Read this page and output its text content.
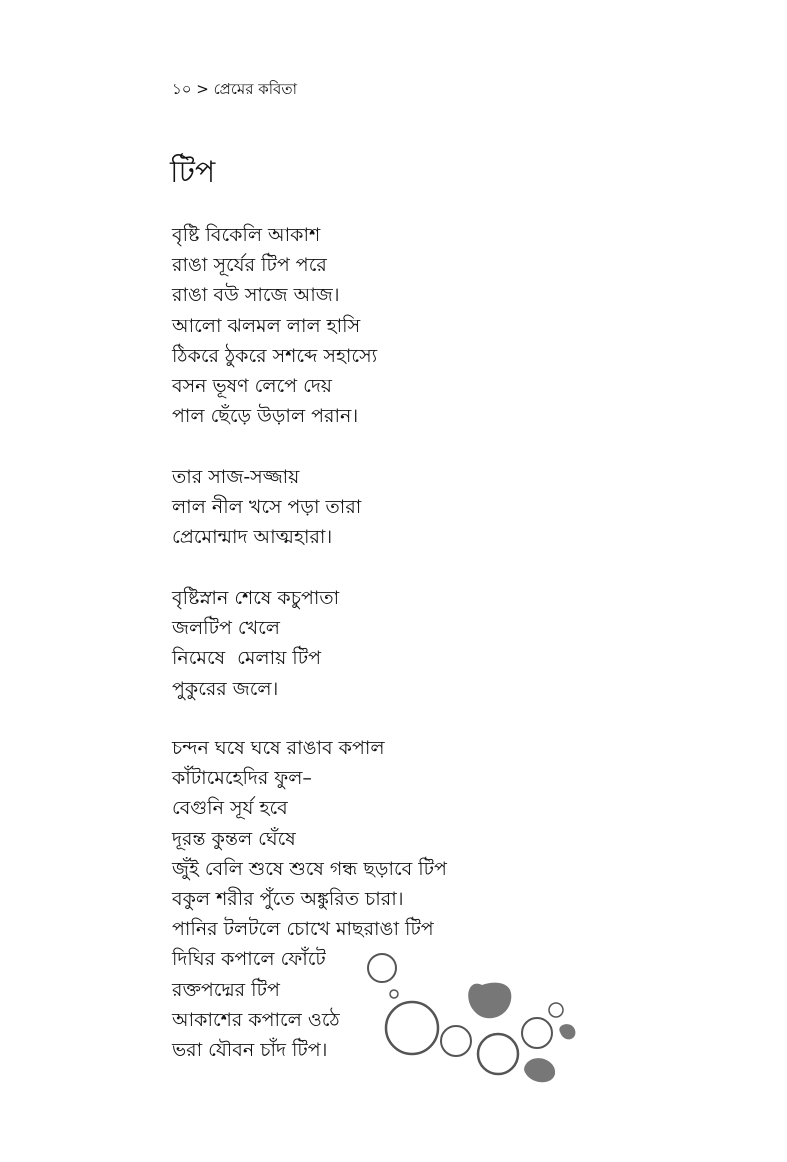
১০ > প্রেমের কবিতা
টিপ
বৃষ্টি বিকেলি আকাশ
রাঙা সূর্যের টিপ পরে
রাঙা বউ সাজে আজ।
আলো ঝলমল লাল হাসি
ঠিকরে ঠুকরে সশব্দে সহাস্যে
বসন ভূষণ লেপে দেয়
পাল ছেঁড়ে উড়াল পরান।
তার সাজ-সজ্জায়
লাল নীল খসে পড়া তারা
প্রেমোন্মাদ আত্মহারা।
বৃষ্টিস্নান শেষে কচুপাতা
জলটিপ খেলে
নিমেষে  মেলায় টিপ
পুকুরের জলে।
চন্দন ঘষে ঘষে রাঙাব কপাল
কাঁটামেহেদির ফুল–
বেগুনি সূর্য হবে
দূরন্ত কুন্তল ঘেঁষে
জুঁই বেলি শুষে শুষে গন্ধ ছড়াবে টিপ
বকুল শরীর পুঁতে অঙ্কুরিত চারা।
পানির টলটলে চোখে মাছরাঙা টিপ
দিঘির কপালে ফোঁটে
রক্তপদ্মের টিপ
আকাশের কপালে ওঠে
ভরা যৌবন চাঁদ টিপ।
